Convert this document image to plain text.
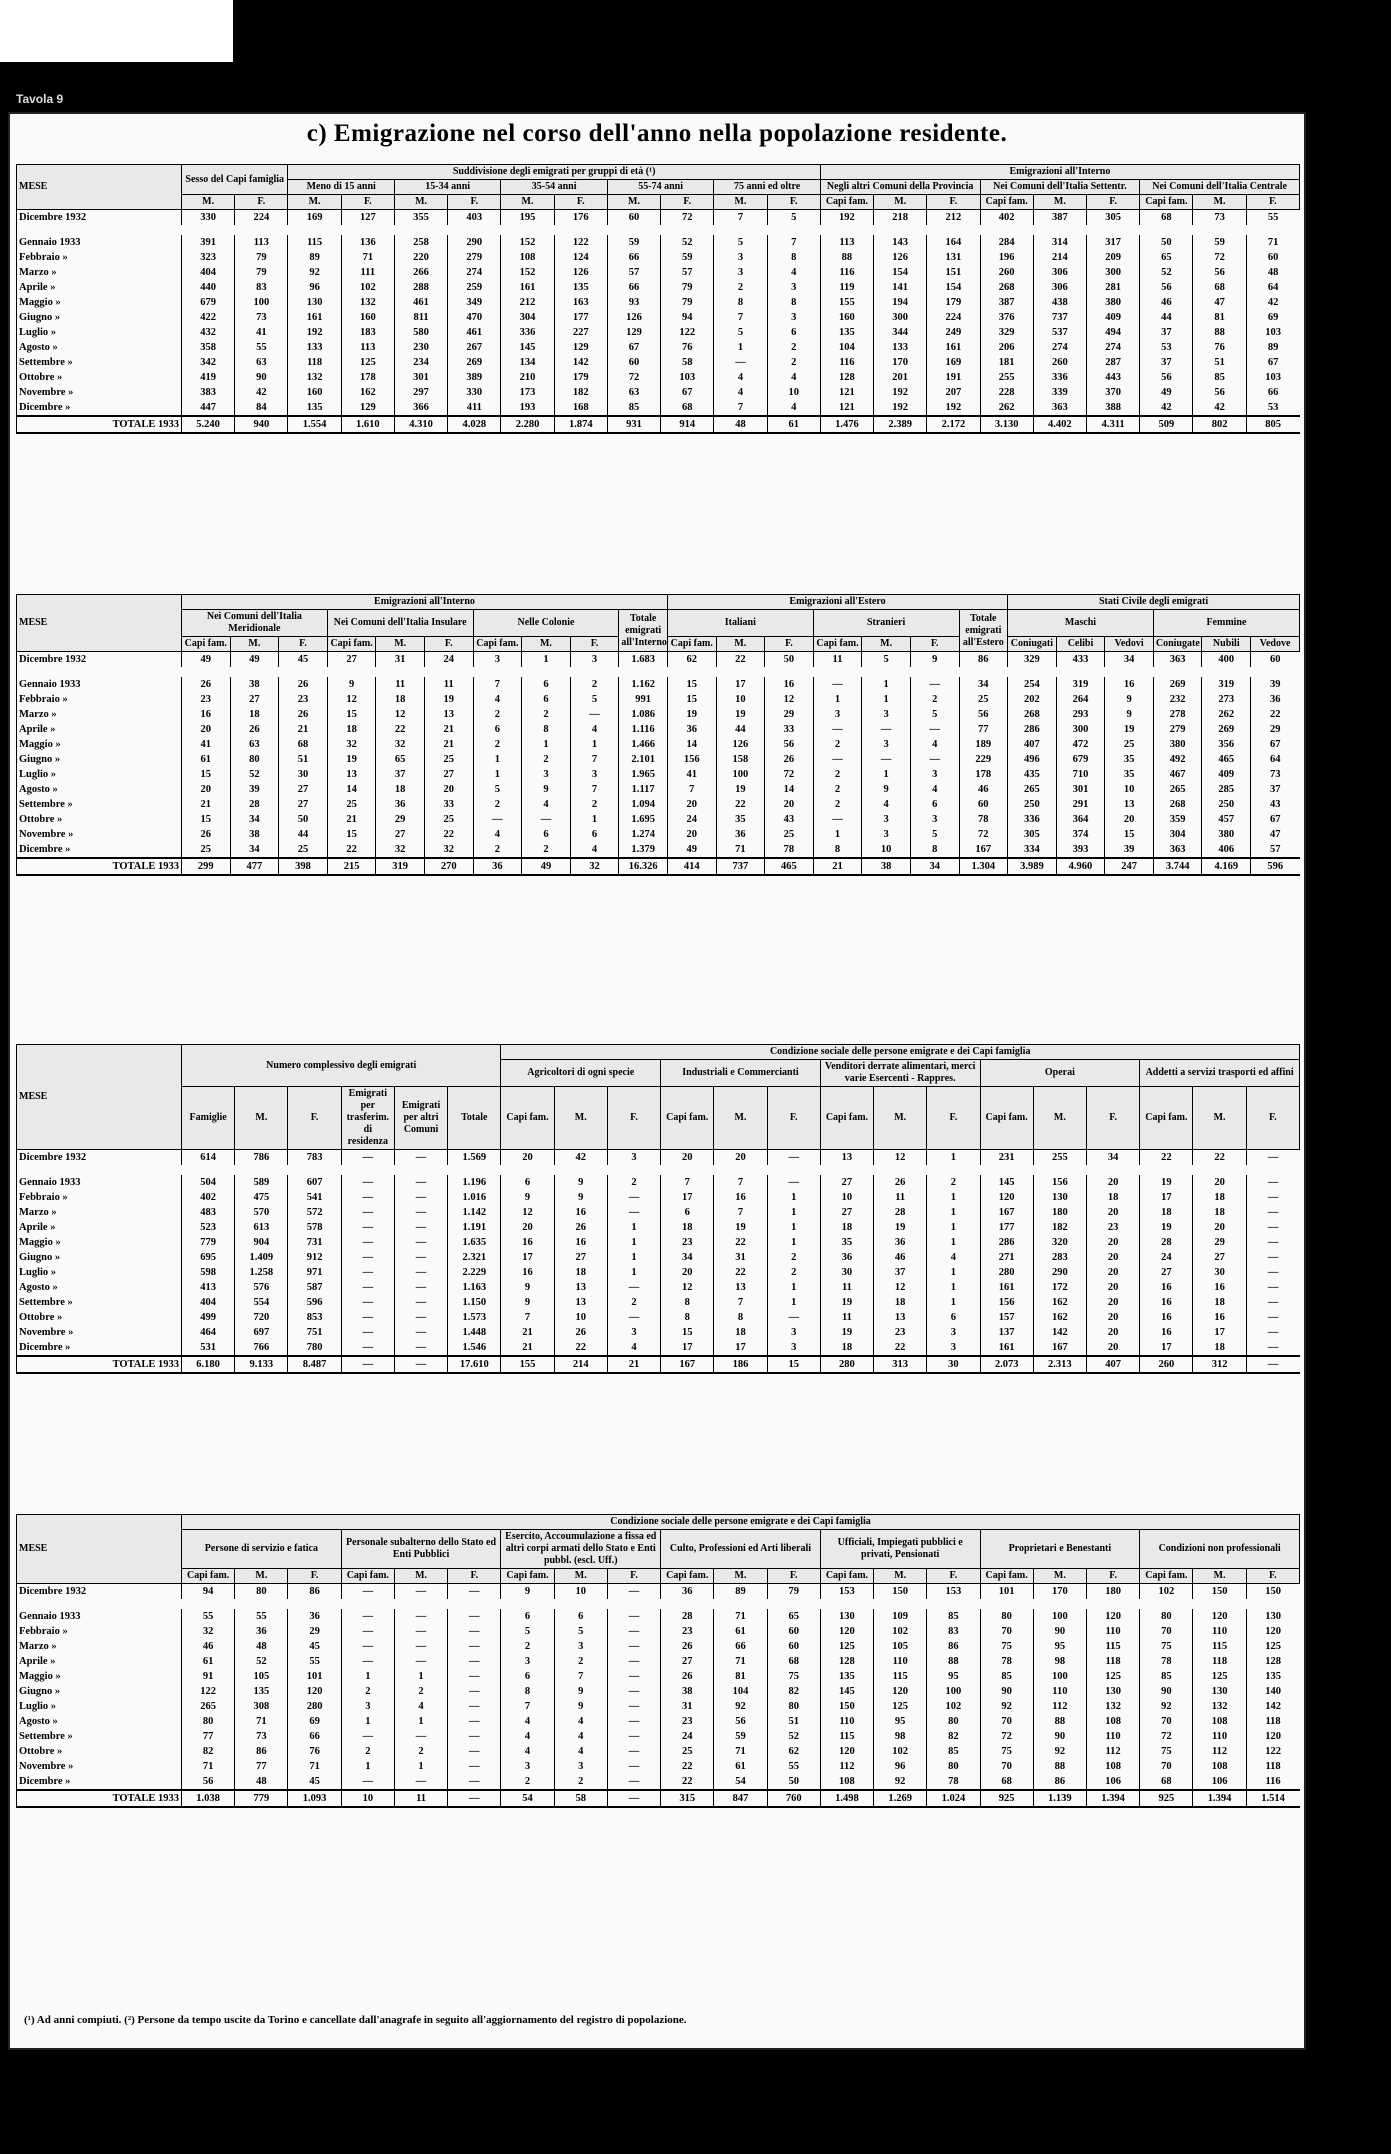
Tavola 9
c) Emigrazione nel corso dell'anno nella popolazione residente.
MESE	Sesso del Capi famiglia		Suddivisione degli emigrati per gruppi di età (¹)										Emigrazioni all'Interno								
			Meno di 15 anni		15-34 anni		35-54 anni		55-74 anni		75 anni ed oltre		Negli altri Comuni della Provincia			Nei Comuni dell'Italia Settentr.			Nei Comuni dell'Italia Centrale		
	M.	F.	M.	F.	M.	F.	M.	F.	M.	F.	M.	F.	Capi fam.	M.	F.	Capi fam.	M.	F.	Capi fam.	M.	F.
Dicembre 1932	330	224	169	127	355	403	195	176	60	72	7	5	192	218	212	402	387	305	68	73	55

Gennaio 1933	391	113	115	136	258	290	152	122	59	52	5	7	113	143	164	284	314	317	50	59	71
Febbraio »	323	79	89	71	220	279	108	124	66	59	3	8	88	126	131	196	214	209	65	72	60
Marzo »	404	79	92	111	266	274	152	126	57	57	3	4	116	154	151	260	306	300	52	56	48
Aprile »	440	83	96	102	288	259	161	135	66	79	2	3	119	141	154	268	306	281	56	68	64
Maggio »	679	100	130	132	461	349	212	163	93	79	8	8	155	194	179	387	438	380	46	47	42
Giugno »	422	73	161	160	811	470	304	177	126	94	7	3	160	300	224	376	737	409	44	81	69
Luglio »	432	41	192	183	580	461	336	227	129	122	5	6	135	344	249	329	537	494	37	88	103
Agosto »	358	55	133	113	230	267	145	129	67	76	1	2	104	133	161	206	274	274	53	76	89
Settembre »	342	63	118	125	234	269	134	142	60	58	—	2	116	170	169	181	260	287	37	51	67
Ottobre »	419	90	132	178	301	389	210	179	72	103	4	4	128	201	191	255	336	443	56	85	103
Novembre »	383	42	160	162	297	330	173	182	63	67	4	10	121	192	207	228	339	370	49	56	66
Dicembre »	447	84	135	129	366	411	193	168	85	68	7	4	121	192	192	262	363	388	42	42	53
TOTALE 1933	5.240	940	1.554	1.610	4.310	4.028	2.280	1.874	931	914	48	61	1.476	2.389	2.172	3.130	4.402	4.311	509	802	805
MESE	Emigrazioni all'Interno										Emigrazioni all'Estero							Stati Civile degli emigrati					
	Nei Comuni dell'Italia Meridionale			Nei Comuni dell'Italia Insulare			Nelle Colonie			Totale emigrati all'Interno	Italiani			Stranieri			Totale emigrati all'Estero	Maschi			Femmine		
	Capi fam.	M.	F.	Capi fam.	M.	F.	Capi fam.	M.	F.		Capi fam.	M.	F.	Capi fam.	M.	F.		Coniugati	Celibi	Vedovi	Coniugate	Nubili	Vedove
Dicembre 1932	49	49	45	27	31	24	3	1	3	1.683	62	22	50	11	5	9	86	329	433	34	363	400	60

Gennaio 1933	26	38	26	9	11	11	7	6	2	1.162	15	17	16	—	1	—	34	254	319	16	269	319	39
Febbraio »	23	27	23	12	18	19	4	6	5	991	15	10	12	1	1	2	25	202	264	9	232	273	36
Marzo »	16	18	26	15	12	13	2	2	—	1.086	19	19	29	3	3	5	56	268	293	9	278	262	22
Aprile »	20	26	21	18	22	21	6	8	4	1.116	36	44	33	—	—	—	77	286	300	19	279	269	29
Maggio »	41	63	68	32	32	21	2	1	1	1.466	14	126	56	2	3	4	189	407	472	25	380	356	67
Giugno »	61	80	51	19	65	25	1	2	7	2.101	156	158	26	—	—	—	229	496	679	35	492	465	64
Luglio »	15	52	30	13	37	27	1	3	3	1.965	41	100	72	2	1	3	178	435	710	35	467	409	73
Agosto »	20	39	27	14	18	20	5	9	7	1.117	7	19	14	2	9	4	46	265	301	10	265	285	37
Settembre »	21	28	27	25	36	33	2	4	2	1.094	20	22	20	2	4	6	60	250	291	13	268	250	43
Ottobre »	15	34	50	21	29	25	—	—	1	1.695	24	35	43	—	3	3	78	336	364	20	359	457	67
Novembre »	26	38	44	15	27	22	4	6	6	1.274	20	36	25	1	3	5	72	305	374	15	304	380	47
Dicembre »	25	34	25	22	32	32	2	2	4	1.379	49	71	78	8	10	8	167	334	393	39	363	406	57
TOTALE 1933	299	477	398	215	319	270	36	49	32	16.326	414	737	465	21	38	34	1.304	3.989	4.960	247	3.744	4.169	596
MESE	Numero complessivo degli emigrati						Condizione sociale delle persone emigrate e dei Capi famiglia														
							Agricoltori di ogni specie			Industriali e Commercianti			Venditori derrate alimentari, merci varie Esercenti - Rappres.			Operai			Addetti a servizi trasporti ed affini		
	Famiglie	M.	F.	Emigrati per trasferim. di residenza	Emigrati per altri Comuni	Totale	Capi fam.	M.	F.	Capi fam.	M.	F.	Capi fam.	M.	F.	Capi fam.	M.	F.	Capi fam.	M.	F.
Dicembre 1932	614	786	783	—	—	1.569	20	42	3	20	20	—	13	12	1	231	255	34	22	22	—

Gennaio 1933	504	589	607	—	—	1.196	6	9	2	7	7	—	27	26	2	145	156	20	19	20	—
Febbraio »	402	475	541	—	—	1.016	9	9	—	17	16	1	10	11	1	120	130	18	17	18	—
Marzo »	483	570	572	—	—	1.142	12	16	—	6	7	1	27	28	1	167	180	20	18	18	—
Aprile »	523	613	578	—	—	1.191	20	26	1	18	19	1	18	19	1	177	182	23	19	20	—
Maggio »	779	904	731	—	—	1.635	16	16	1	23	22	1	35	36	1	286	320	20	28	29	—
Giugno »	695	1.409	912	—	—	2.321	17	27	1	34	31	2	36	46	4	271	283	20	24	27	—
Luglio »	598	1.258	971	—	—	2.229	16	18	1	20	22	2	30	37	1	280	290	20	27	30	—
Agosto »	413	576	587	—	—	1.163	9	13	—	12	13	1	11	12	1	161	172	20	16	16	—
Settembre »	404	554	596	—	—	1.150	9	13	2	8	7	1	19	18	1	156	162	20	16	18	—
Ottobre »	499	720	853	—	—	1.573	7	10	—	8	8	—	11	13	6	157	162	20	16	16	—
Novembre »	464	697	751	—	—	1.448	21	26	3	15	18	3	19	23	3	137	142	20	16	17	—
Dicembre »	531	766	780	—	—	1.546	21	22	4	17	17	3	18	22	3	161	167	20	17	18	—
TOTALE 1933	6.180	9.133	8.487	—	—	17.610	155	214	21	167	186	15	280	313	30	2.073	2.313	407	260	312	—
MESE	Condizione sociale delle persone emigrate e dei Capi famiglia																				
	Persone di servizio e fatica			Personale subalterno dello Stato ed Enti Pubblici			Esercito, Accoumulazione a fissa ed altri corpi armati dello Stato e Enti pubbl. (escl. Uff.)			Culto, Professioni ed Arti liberali			Ufficiali, Impiegati pubblici e privati, Pensionati			Proprietari e Benestanti			Condizioni non professionali		
	Capi fam.	M.	F.	Capi fam.	M.	F.	Capi fam.	M.	F.	Capi fam.	M.	F.	Capi fam.	M.	F.	Capi fam.	M.	F.	Capi fam.	M.	F.
Dicembre 1932	94	80	86	—	—	—	9	10	—	36	89	79	153	150	153	101	170	180	102	150	150

Gennaio 1933	55	55	36	—	—	—	6	6	—	28	71	65	130	109	85	80	100	120	80	120	130
Febbraio »	32	36	29	—	—	—	5	5	—	23	61	60	120	102	83	70	90	110	70	110	120
Marzo »	46	48	45	—	—	—	2	3	—	26	66	60	125	105	86	75	95	115	75	115	125
Aprile »	61	52	55	—	—	—	3	2	—	27	71	68	128	110	88	78	98	118	78	118	128
Maggio »	91	105	101	1	1	—	6	7	—	26	81	75	135	115	95	85	100	125	85	125	135
Giugno »	122	135	120	2	2	—	8	9	—	38	104	82	145	120	100	90	110	130	90	130	140
Luglio »	265	308	280	3	4	—	7	9	—	31	92	80	150	125	102	92	112	132	92	132	142
Agosto »	80	71	69	1	1	—	4	4	—	23	56	51	110	95	80	70	88	108	70	108	118
Settembre »	77	73	66	—	—	—	4	4	—	24	59	52	115	98	82	72	90	110	72	110	120
Ottobre »	82	86	76	2	2	—	4	4	—	25	71	62	120	102	85	75	92	112	75	112	122
Novembre »	71	77	71	1	1	—	3	3	—	22	61	55	112	96	80	70	88	108	70	108	118
Dicembre »	56	48	45	—	—	—	2	2	—	22	54	50	108	92	78	68	86	106	68	106	116
TOTALE 1933	1.038	779	1.093	10	11	—	54	58	—	315	847	760	1.498	1.269	1.024	925	1.139	1.394	925	1.394	1.514
(¹) Ad anni compiuti. (²) Persone da tempo uscite da Torino e cancellate dall'anagrafe in seguito all'aggiornamento del registro di popolazione.
